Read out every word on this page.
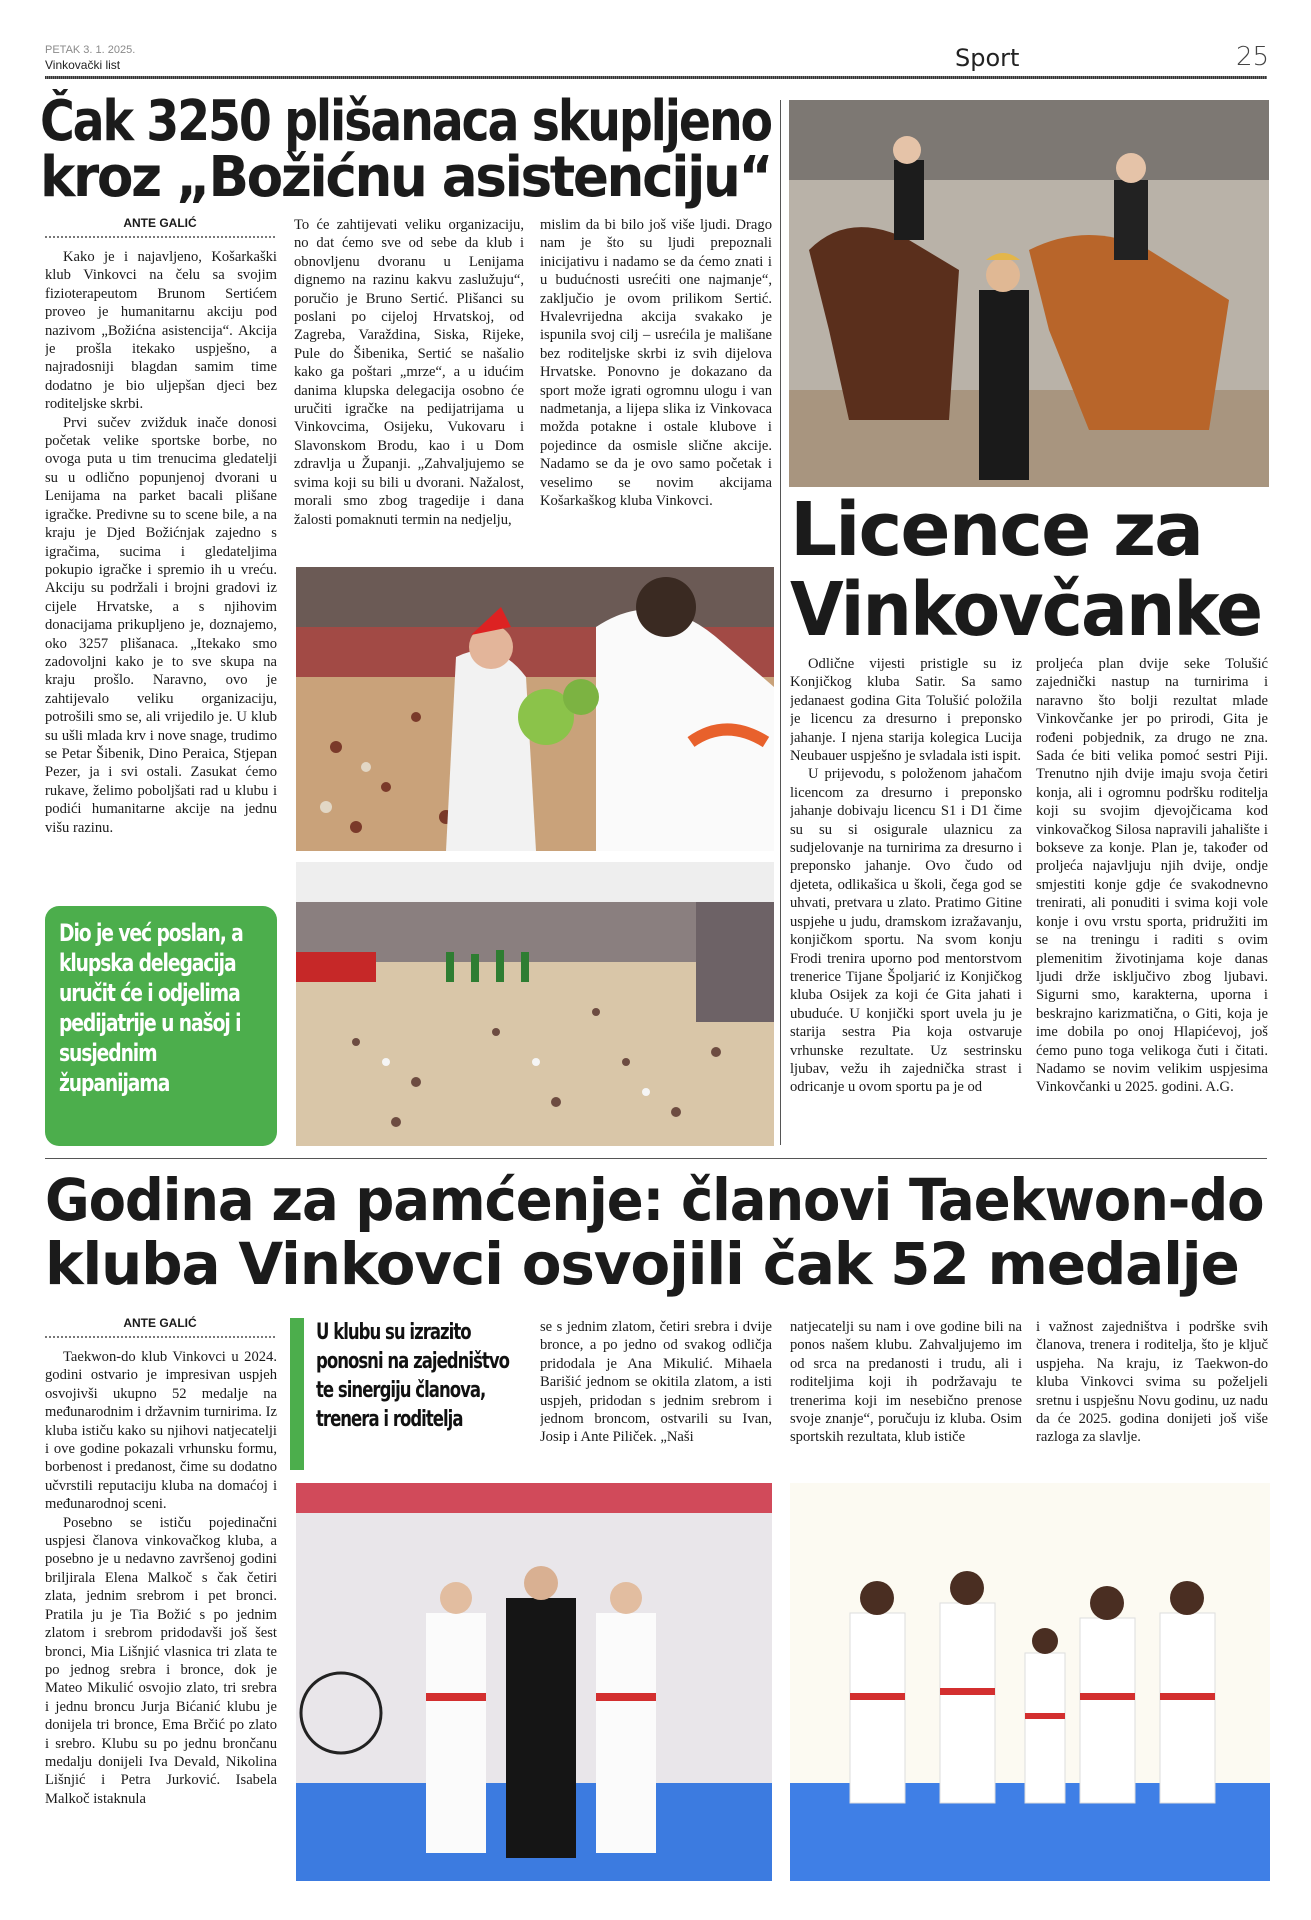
PETAK 3. 1. 2025.
Vinkovački list	Sport	25
Čak 3250 plišanaca skupljeno
kroz „Božićnu asistenciju“
ANTE GALIĆ

Kako je i najavljeno, Košarkaški klub Vinkovci na čelu sa svojim fizioterapeutom Brunom Sertićem proveo je humanitarnu akciju pod nazivom „Božićna asistencija“. Akcija je prošla itekako uspješno, a najradosniji blagdan samim time dodatno je bio uljepšan djeci bez roditeljske skrbi.

Prvi sučev zvižduk inače donosi početak velike sportske borbe, no ovoga puta u tim trenucima gledatelji su u odlično popunjenoj dvorani u Lenijama na parket bacali plišane igračke. Predivne su to scene bile, a na kraju je Djed Božićnjak zajedno s igračima, sucima i gledateljima pokupio igračke i spremio ih u vreću. Akciju su podržali i brojni gradovi iz cijele Hrvatske, a s njihovim donacijama prikupljeno je, doznajemo, oko 3257 plišanaca. „Itekako smo zadovoljni kako je to sve skupa na kraju prošlo. Naravno, ovo je zahtijevalo veliku organizaciju, potrošili smo se, ali vrijedilo je. U klub su ušli mlada krv i nove snage, trudimo se Petar Šibenik, Dino Peraica, Stjepan Pezer, ja i svi ostali. Zasukat ćemo rukave, želimo poboljšati rad u klubu i podići humanitarne akcije na jednu višu razinu.

Dio je već poslan, a klupska delegacija uručit će i odjelima pedijatrije u našoj i susjednim županijama

To će zahtijevati veliku organizaciju, no dat ćemo sve od sebe da klub i obnovljenu dvoranu u Lenijama dignemo na razinu kakvu zaslužuju“, poručio je Bruno Sertić. Plišanci su poslani po cijeloj Hrvatskoj, od Zagreba, Varaždina, Siska, Rijeke, Pule do Šibenika, Sertić se našalio kako ga poštari „mrze“, a u idućim danima klupska delegacija osobno će uručiti igračke na pedijatrijama u Vinkovcima, Osijeku, Vukovaru i Slavonskom Brodu, kao i u Dom zdravlja u Županji. „Zahvaljujemo se svima koji su bili u dvorani. Nažalost, morali smo zbog tragedije i dana žalosti pomaknuti termin na nedjelju,

mislim da bi bilo još više ljudi. Drago nam je što su ljudi prepoznali inicijativu i nadamo se da ćemo znati i u budućnosti usrećiti one najmanje“, zaključio je ovom prilikom Sertić. Hvalevrijedna akcija svakako je ispunila svoj cilj – usrećila je mališane bez roditeljske skrbi iz svih dijelova Hrvatske. Ponovno je dokazano da sport može igrati ogromnu ulogu i van nadmetanja, a lijepa slika iz Vinkovaca možda potakne i ostale klubove i pojedince da osmisle slične akcije. Nadamo se da je ovo samo početak i veselimo se novim akcijama Košarkaškog kluba Vinkovci.	Licence za
Vinkovčanke

Odlične vijesti pristigle su iz Konjičkog kluba Satir. Sa samo jedanaest godina Gita Tolušić položila je licencu za dresurno i preponsko jahanje. I njena starija kolegica Lucija Neubauer uspješno je svladala isti ispit.

U prijevodu, s položenom jahačom licencom za dresurno i preponsko jahanje dobivaju licencu S1 i D1 čime su su si osigurale ulaznicu za sudjelovanje na turnirima za dresurno i preponsko jahanje. Ovo čudo od djeteta, odlikašica u školi, čega god se uhvati, pretvara u zlato. Pratimo Gitine uspjehe u judu, dramskom izražavanju, konjičkom sportu. Na svom konju Frodi trenira uporno pod mentorstvom trenerice Tijane Špoljarić iz Konjičkog kluba Osijek za koji će Gita jahati i ubuduće. U konjički sport uvela ju je starija sestra Pia koja ostvaruje vrhunske rezultate. Uz sestrinsku ljubav, vežu ih zajednička strast i odricanje u ovom sportu pa je od

proljeća plan dvije seke Tolušić zajednički nastup na turnirima i naravno što bolji rezultat mlade Vinkovčanke jer po prirodi, Gita je rođeni pobjednik, za drugo ne zna. Sada će biti velika pomoć sestri Piji. Trenutno njih dvije imaju svoja četiri konja, ali i ogromnu podršku roditelja koji su svojim djevojčicama kod vinkovačkog Silosa napravili jahalište i bokseve za konje. Plan je, također od proljeća najavljuju njih dvije, ondje smjestiti konje gdje će svakodnevno trenirati, ali ponuditi i svima koji vole konje i ovu vrstu sporta, pridružiti im se na treningu i raditi s ovim plemenitim životinjama koje danas ljudi drže isključivo zbog ljubavi. Sigurni smo, karakterna, uporna i beskrajno karizmatična, o Giti, koja je ime dobila po onoj Hlapićevoj, još ćemo puno toga velikoga čuti i čitati. Nadamo se novim velikim uspjesima Vinkovčanki u 2025. godini. A.G.

Godina za pamćenje: članovi Taekwon-do
kluba Vinkovci osvojili čak 52 medalje
ANTE GALIĆ

Taekwon-do klub Vinkovci u 2024. godini ostvario je impresivan uspjeh osvojivši ukupno 52 medalje na međunarodnim i državnim turnirima. Iz kluba ističu kako su njihovi natjecatelji i ove godine pokazali vrhunsku formu, borbenost i predanost, čime su dodatno učvrstili reputaciju kluba na domaćoj i međunarodnoj sceni.

Posebno se ističu pojedinačni uspjesi članova vinkovačkog kluba, a posebno je u nedavno završenoj godini briljirala Elena Malkoč s čak četiri zlata, jednim srebrom i pet bronci. Pratila ju je Tia Božić s po jednim zlatom i srebrom pridodavši još šest bronci, Mia Lišnjić vlasnica tri zlata te po jednog srebra i bronce, dok je Mateo Mikulić osvojio zlato, tri srebra i jednu broncu Jurja Bićanić klubu je donijela tri bronce, Ema Brčić po zlato i srebro. Klubu su po jednu brončanu medalju donijeli Iva Devald, Nikolina Lišnjić i Petra Jurković. Isabela Malkoč istaknula

U klubu su izrazito ponosni na zajedništvo te sinergiju članova, trenera i roditelja

se s jednim zlatom, četiri srebra i dvije bronce, a po jedno od svakog odličja pridodala je Ana Mikulić. Mihaela Barišić jednom se okitila zlatom, a isti uspjeh, pridodan s jednim srebrom i jednom broncom, ostvarili su Ivan, Josip i Ante Piliček. „Naši

natjecatelji su nam i ove godine bili na ponos našem klubu. Zahvaljujemo im od srca na predanosti i trudu, ali i roditeljima koji ih podržavaju te trenerima koji im nesebično prenose svoje znanje“, poručuju iz kluba. Osim sportskih rezultata, klub ističe

i važnost zajedništva i podrške svih članova, trenera i roditelja, što je ključ uspjeha. Na kraju, iz Taekwon-do kluba Vinkovci svima su poželjeli sretnu i uspješnu Novu godinu, uz nadu da će 2025. godina donijeti još više razloga za slavlje.
